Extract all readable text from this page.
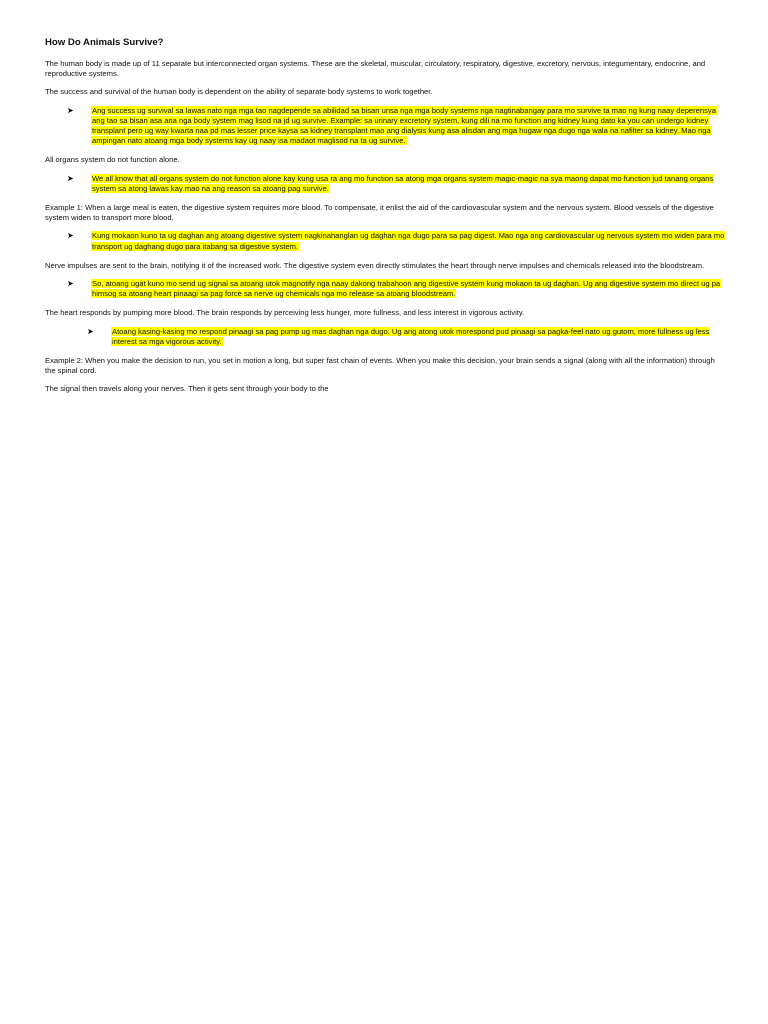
How Do Animals Survive?
The human body is made up of 11 separate but interconnected organ systems. These are the skeletal, muscular, circulatory, respiratory, digestive, excretory, nervous, integumentary, endocrine, and reproductive systems.
The success and survival of the human body is dependent on the ability of separate body systems to work together.
➤	Ang success ug survival sa lawas nato nga mga tao nagdepende sa abilidad sa bisan unsa nga mga body systems nga nagtinabangay para mo survive ta mao ng kung naay deperensya ang tao sa bisan asa ana nga body system mag lisod na jd ug survive. Example: sa urinary excretory system, kung dili na mo function ang kidney kung dato ka you can undergo kidney transplant pero ug way kwarta naa pd mas lesser price kaysa sa kidney transplant mao ang dialysis kung asa alisdan ang mga hugaw nga dugo nga wala na nafilter sa kidney. Mao nga ampingan nato atoang mga body systems kay ug naay isa madaot maglisod na ta ug survive.
All organs system do not function alone.
➤	We all know that all organs system do not function alone kay kung usa ra ang mo function sa atong mga organs system magic-magic na sya maong dapat mo function jud tanang organs system sa atong lawas kay mao na ang reason sa atoang pag survive.
Example 1: When a large meal is eaten, the digestive system requires more blood. To compensate, it enlist the aid of the cardiovascular system and the nervous system. Blood vessels of the digestive system widen to transport more blood.
➤	Kung mokaon kuno ta ug daghan ang atoang digestive system nagkinahanglan ug daghan nga dugo para sa pag digest. Mao nga ang cardiovascular ug nervous system mo widen para mo transport ug daghang dugo para itabang sa digestive system.
Nerve impulses are sent to the brain, notifying it of the increased work. The digestive system even directly stimulates the heart through nerve impulses and chemicals released into the bloodstream.
➤	So, atoang ugat kuno mo send ug signal sa atoang utok magnotify nga naay dakong trabahoon ang digestive system kung mokaon ta ug daghan. Ug ang digestive system mo direct ug pa himsog sa atoang heart pinaagi sa pag force sa nerve ug chemicals nga mo release sa atoang bloodstream.
The heart responds by pumping more blood. The brain responds by perceiving less hunger, more fullness, and less interest in vigorous activity.
➤	Atoang kasing-kasing mo respond pinaagi sa pag pump ug mas daghan nga dugo. Ug ang atong utok morespond pud pinaagi sa pagka-feel nato ug gutom, more fullness ug less interest sa mga vigorous activity.
Example 2: When you make the decision to run, you set in motion a long, but super fast chain of events. When you make this decision, your brain sends a signal (along with all the information) through the spinal cord.
The signal then travels along your nerves. Then it gets sent through your body to the
